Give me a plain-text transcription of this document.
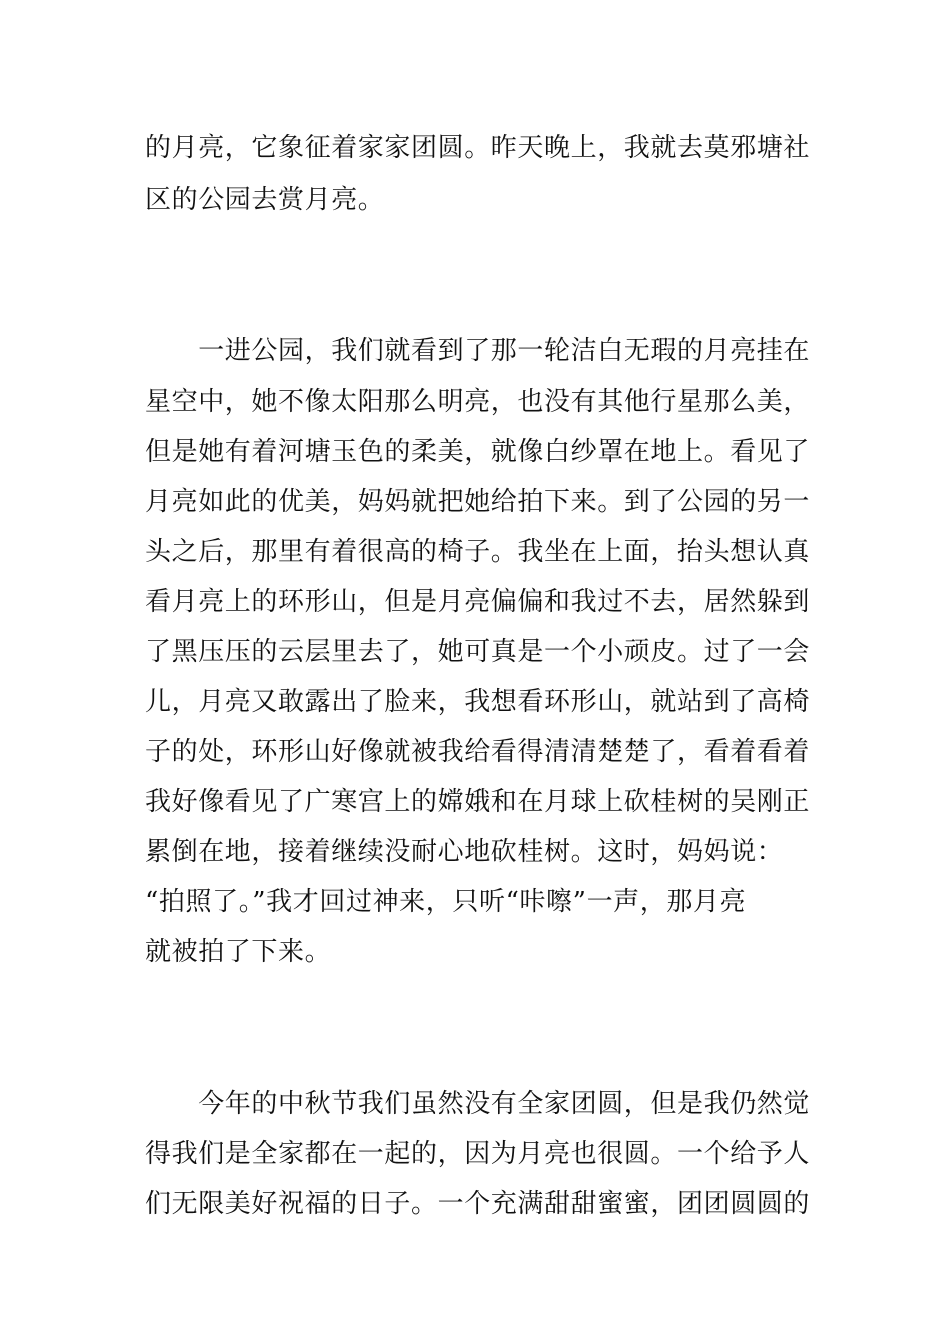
的月亮，它象征着家家团圆。昨天晚上，我就去莫邪塘社
区的公园去赏月亮。
　　一进公园，我们就看到了那一轮洁白无瑕的月亮挂在
星空中，她不像太阳那么明亮，也没有其他行星那么美，
但是她有着河塘玉色的柔美，就像白纱罩在地上。看见了
月亮如此的优美，妈妈就把她给拍下来。到了公园的另一
头之后，那里有着很高的椅子。我坐在上面，抬头想认真
看月亮上的环形山，但是月亮偏偏和我过不去，居然躲到
了黑压压的云层里去了，她可真是一个小顽皮。过了一会
儿，月亮又敢露出了脸来，我想看环形山，就站到了高椅
子的处，环形山好像就被我给看得清清楚楚了，看着看着
我好像看见了广寒宫上的嫦娥和在月球上砍桂树的吴刚正
累倒在地，接着继续没耐心地砍桂树。这时，妈妈说：
“拍照了。”我才回过神来，只听“咔嚓”一声，那月亮
就被拍了下来。
　　今年的中秋节我们虽然没有全家团圆，但是我仍然觉
得我们是全家都在一起的，因为月亮也很圆。一个给予人
们无限美好祝福的日子。一个充满甜甜蜜蜜，团团圆圆的
